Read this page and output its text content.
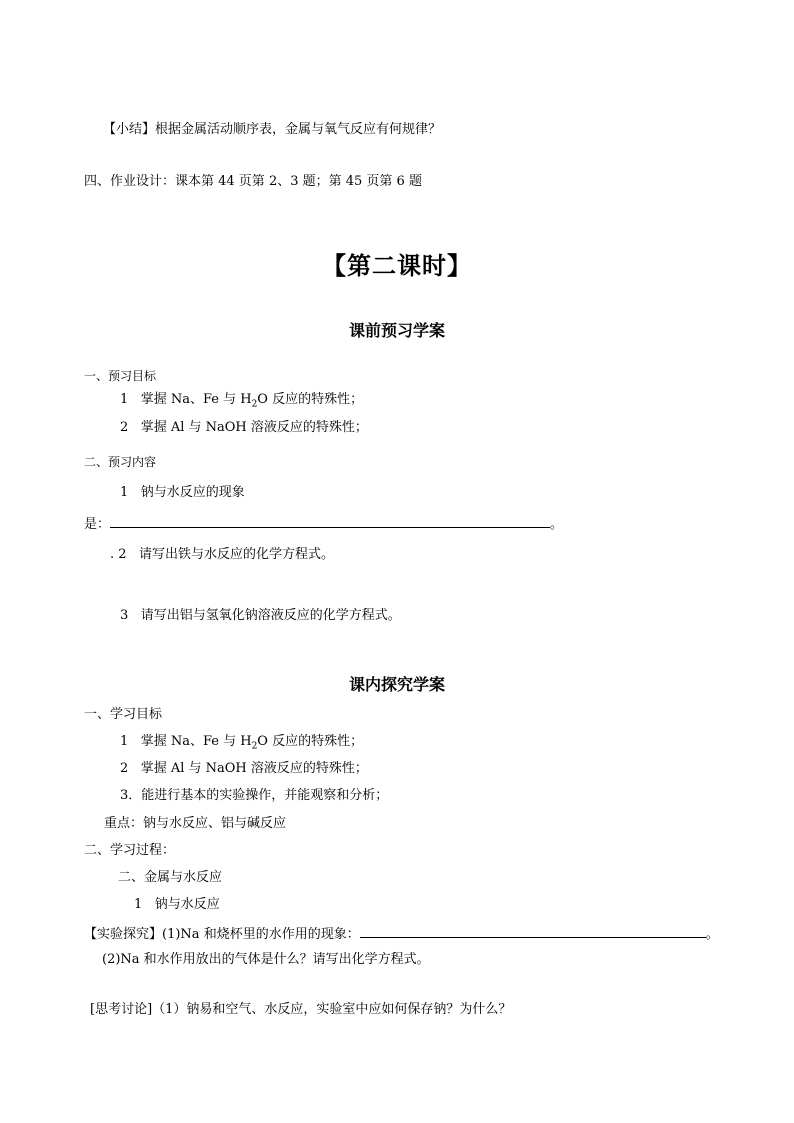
【小结】根据金属活动顺序表，金属与氧气反应有何规律？
四、作业设计：课本第 44 页第 2、3 题；第 45 页第 6 题
【第二课时】
课前预习学案
一、预习目标
1 掌握 Na、Fe 与 $H_2O$ 反应的特殊性；
2 掌握 Al 与 NaOH 溶液反应的特殊性；
二、预习内容
1 钠与水反应的现象
是：	。
. 2 请写出铁与水反应的化学方程式。
3 请写出铝与氢氧化钠溶液反应的化学方程式。
课内探究学案
一、学习目标
1 掌握 Na、Fe 与 $H_2O$ 反应的特殊性；
2 掌握 Al 与 NaOH 溶液反应的特殊性；
3．能进行基本的实验操作，并能观察和分析；
重点：钠与水反应、铝与碱反应
二、学习过程：
二、金属与水反应
1 钠与水反应
【实验探究】(1)Na 和烧杯里的水作用的现象：	。
(2)Na 和水作用放出的气体是什么？请写出化学方程式。
[思考讨论]（1）钠易和空气、水反应，实验室中应如何保存钠？为什么？
